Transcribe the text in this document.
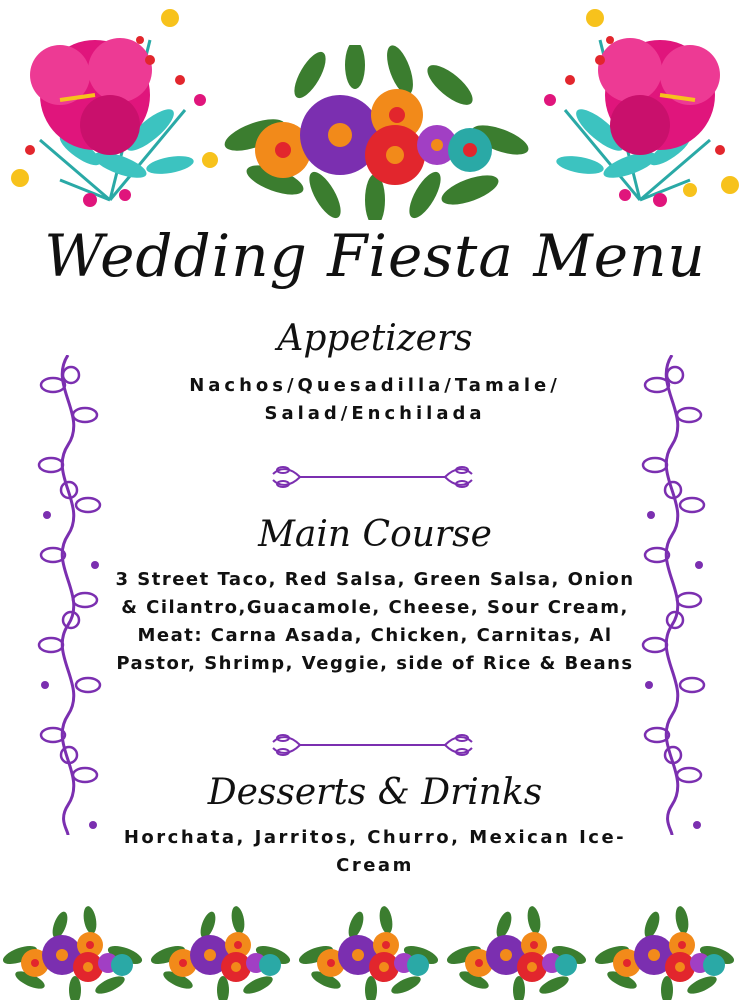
Wedding Fiesta Menu
Appetizers
Nachos/Quesadilla/Tamale/ Salad/Enchilada
Main Course
3 Street Taco, Red Salsa, Green Salsa, Onion & Cilantro,Guacamole, Cheese, Sour Cream, Meat: Carna Asada, Chicken, Carnitas, Al Pastor, Shrimp, Veggie, side of Rice & Beans
Desserts & Drinks
Horchata, Jarritos, Churro, Mexican Ice-Cream
